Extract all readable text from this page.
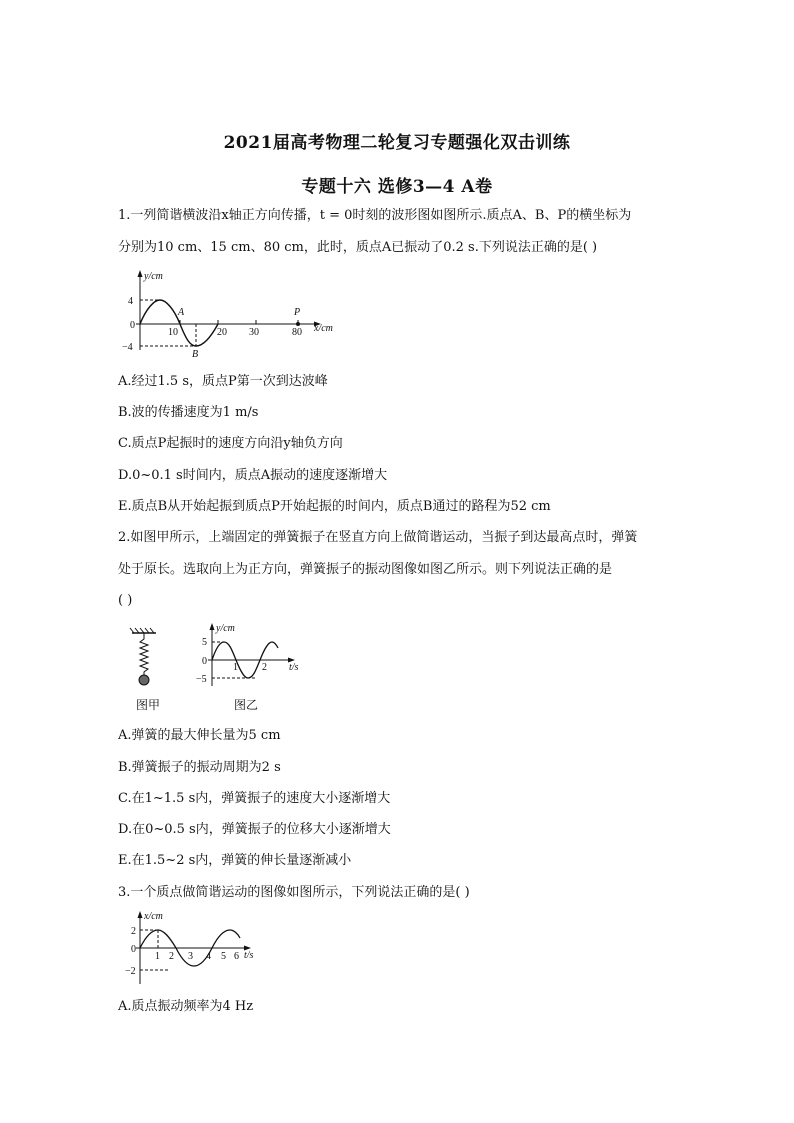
2021届高考物理二轮复习专题强化双击训练
专题十六 选修3—4 A卷
1.一列简谐横波沿x轴正方向传播，t = 0时刻的波形图如图所示.质点A、B、P的横坐标为
分别为10 cm、15 cm、80 cm，此时，质点A已振动了0.2 s.下列说法正确的是( )
y/cm
x/cm
4
0
−4
10	20 30	80
A
B
P
A.经过1.5 s，质点P第一次到达波峰
B.波的传播速度为1 m/s
C.质点P起振时的速度方向沿y轴负方向
D.0~0.1 s时间内，质点A振动的速度逐渐增大
E.质点B从开始起振到质点P开始起振的时间内，质点B通过的路程为52 cm
2.如图甲所示，上端固定的弹簧振子在竖直方向上做简谐运动，当振子到达最高点时，弹簧
处于原长。选取向上为正方向，弹簧振子的振动图像如图乙所示。则下列说法正确的是
( )
图甲
y/cm
t/s
5
0
−5
1 2
图乙
A.弹簧的最大伸长量为5 cm
B.弹簧振子的振动周期为2 s
C.在1~1.5 s内，弹簧振子的速度大小逐渐增大
D.在0~0.5 s内，弹簧振子的位移大小逐渐增大
E.在1.5~2 s内，弹簧的伸长量逐渐减小
3.一个质点做简谐运动的图像如图所示，下列说法正确的是( )
x/cm
t/s
2
0
−2
1 2 3 4 5 6
A.质点振动频率为4 Hz
